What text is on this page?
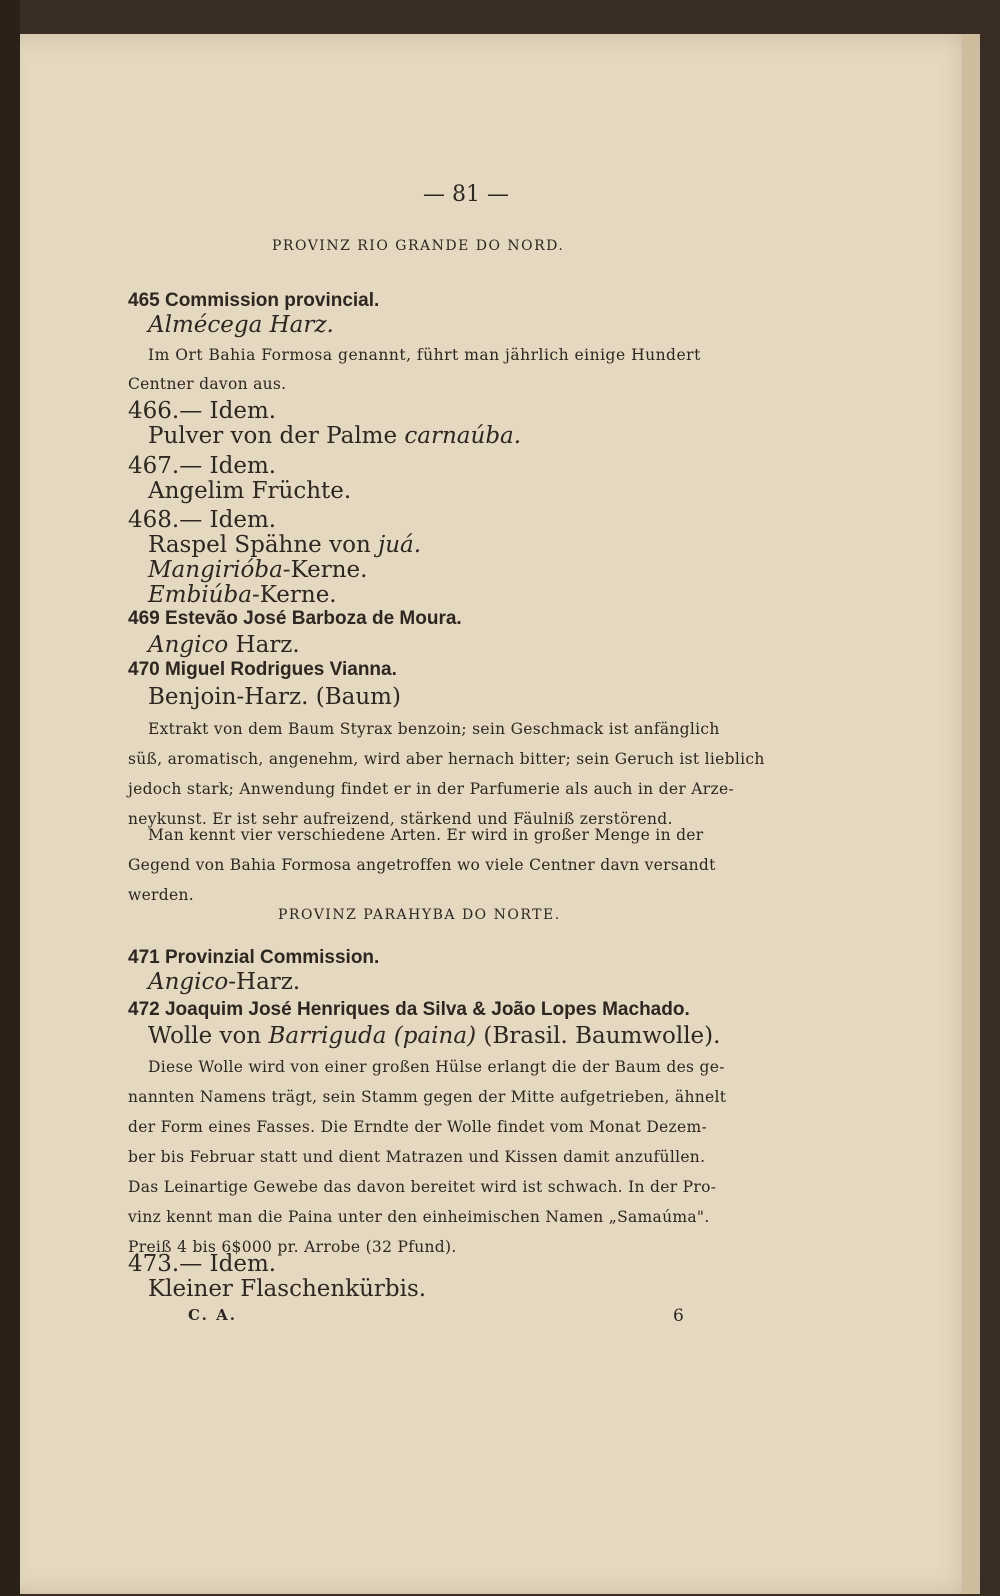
— 81 —
PROVINZ RIO GRANDE DO NORD.
465 Commission provincial.
Almécega Harz.
Im Ort Bahia Formosa genannt, führt man jährlich einige Hundert
Centner davon aus.
466.— Idem.
Pulver von der Palme carnaúba.
467.— Idem.
Angelim Früchte.
468.— Idem.
Raspel Spähne von juá.
Mangirióba-Kerne.
Embiúba-Kerne.
469 Estevão José Barboza de Moura.
Angico Harz.
470 Miguel Rodrigues Vianna.
Benjoin-Harz. (Baum)
Extrakt von dem Baum Styrax benzoin; sein Geschmack ist anfänglich
süß, aromatisch, angenehm, wird aber hernach bitter; sein Geruch ist lieblich
jedoch stark; Anwendung findet er in der Parfumerie als auch in der Arze-
neykunst. Er ist sehr aufreizend, stärkend und Fäulniß zerstörend.
Man kennt vier verschiedene Arten. Er wird in großer Menge in der
Gegend von Bahia Formosa angetroffen wo viele Centner davn versandt
werden.
PROVINZ PARAHYBA DO NORTE.
471 Provinzial Commission.
Angico-Harz.
472 Joaquim José Henriques da Silva & João Lopes Machado.
Wolle von Barriguda (paina) (Brasil. Baumwolle).
Diese Wolle wird von einer großen Hülse erlangt die der Baum des ge-
nannten Namens trägt, sein Stamm gegen der Mitte aufgetrieben, ähnelt
der Form eines Fasses. Die Erndte der Wolle findet vom Monat Dezem-
ber bis Februar statt und dient Matrazen und Kissen damit anzufüllen.
Das Leinartige Gewebe das davon bereitet wird ist schwach. In der Pro-
vinz kennt man die Paina unter den einheimischen Namen „Samaúma".
Preiß 4 bis 6$000 pr. Arrobe (32 Pfund).
473.— Idem.
Kleiner Flaschenkürbis.
C. A.	6
